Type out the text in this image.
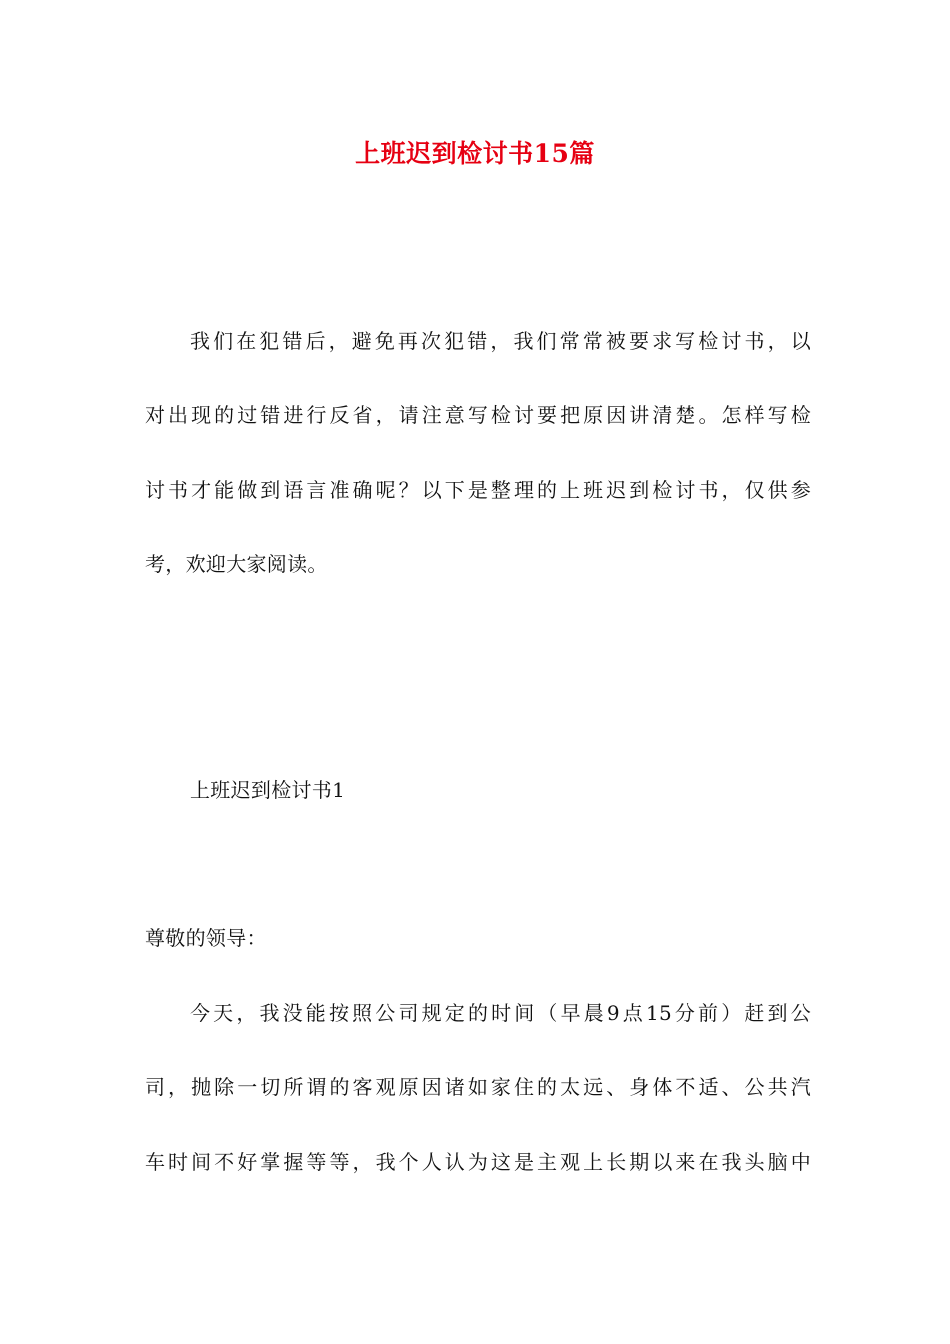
上班迟到检讨书15篇
我们在犯错后，避免再次犯错，我们常常被要求写检讨书，以
对出现的过错进行反省，请注意写检讨要把原因讲清楚。怎样写检
讨书才能做到语言准确呢？以下是整理的上班迟到检讨书，仅供参
考，欢迎大家阅读。
上班迟到检讨书1
尊敬的领导：
今天，我没能按照公司规定的时间（早晨9点15分前）赶到公
司，抛除一切所谓的客观原因诸如家住的太远、身体不适、公共汽
车时间不好掌握等等，我个人认为这是主观上长期以来在我头脑中
